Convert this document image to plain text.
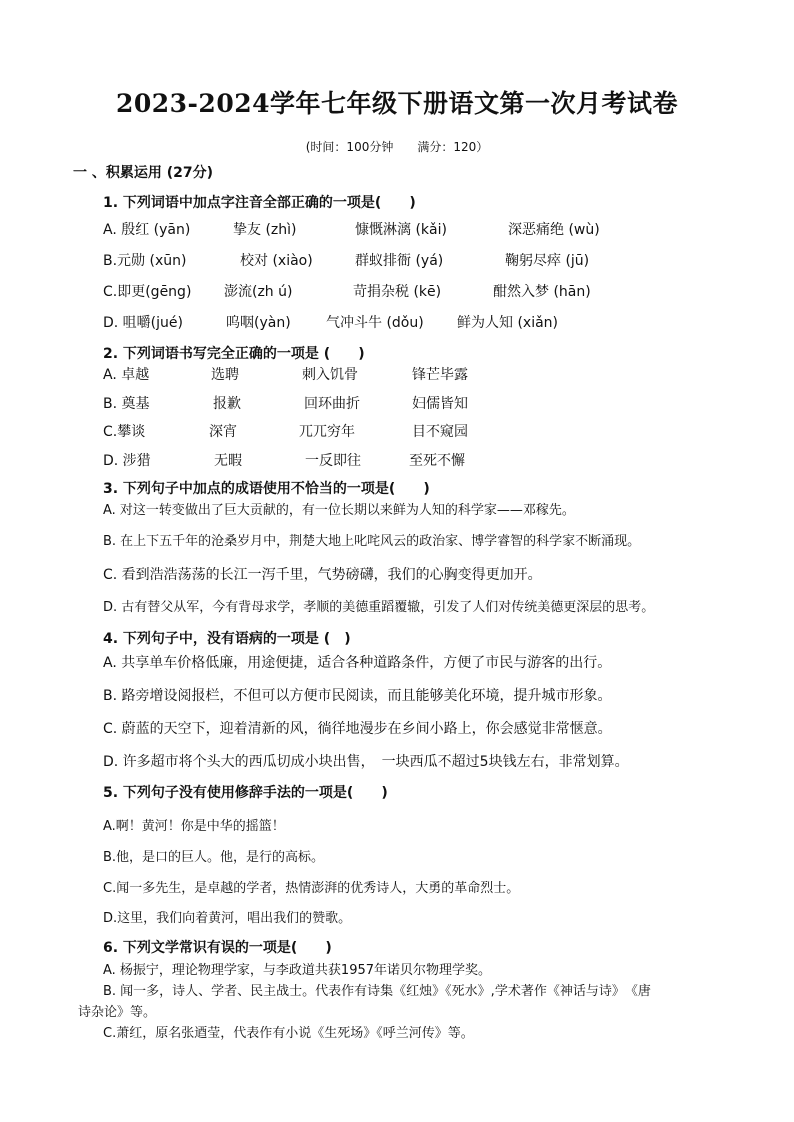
2023-2024学年七年级下册语文第一次月考试卷
(时间：100分钟　　满分：120）
一 、积累运用 (27分)
1. 下列词语中加点字注音全部正确的一项是(　　)
A. 殷红 (yān)	挚友 (zhì)	慷慨淋漓 (kǎi)	深恶痛绝 (wù)
B.元勋 (xūn)	校对 (xiào)	群蚁排衙 (yá)	鞠躬尽瘁 (jū)
C.即更(gēng) 澎流(zh ú)	苛捐杂税 (kē)	酣然入梦 (hān)
D. 咀嚼(jué)	呜咽(yàn)	气冲斗牛 (dǒu) 鲜为人知 (xiǎn)
2. 下列词语书写完全正确的一项是 (　　)
A. 卓越	选聘	刺入饥骨	锋芒毕露
B. 奠基	报歉	回环曲折	妇儒皆知
C.攀谈	深宵	兀兀穷年	目不窥园
D. 涉猎	无暇	一反即往	至死不懈
3. 下列句子中加点的成语使用不恰当的一项是(　　)
A. 对这一转变做出了巨大贡献的，有一位长期以来鲜为人知的科学家——邓稼先。
B. 在上下五千年的沧桑岁月中，荆楚大地上叱咤风云的政治家、博学睿智的科学家不断涌现。
C. 看到浩浩荡荡的长江一泻千里，气势磅礴，我们的心胸变得更加开。
D. 古有替父从军，今有背母求学，孝顺的美德重蹈覆辙，引发了人们对传统美德更深层的思考。
4. 下列句子中，没有语病的一项是 (　)
A. 共享单车价格低廉，用途便捷，适合各种道路条件，方便了市民与游客的出行。
B. 路旁增设阅报栏，不但可以方便市民阅读，而且能够美化环境，提升城市形象。
C. 蔚蓝的天空下，迎着清新的风，徜徉地漫步在乡间小路上，你会感觉非常惬意。
D. 许多超市将个头大的西瓜切成小块出售，　一块西瓜不超过5块钱左右，非常划算。
5. 下列句子没有使用修辞手法的一项是(　　)
A.啊！黄河！你是中华的摇篮！
B.他，是口的巨人。他，是行的高标。
C.闻一多先生，是卓越的学者，热情澎湃的优秀诗人，大勇的革命烈士。
D.这里，我们向着黄河，唱出我们的赞歌。
6. 下列文学常识有误的一项是(　　)
A. 杨振宁，理论物理学家，与李政道共获1957年诺贝尔物理学奖。
B. 闻一多，诗人、学者、民主战士。代表作有诗集《红烛》《死水》,学术著作《神话与诗》　《唐
诗杂论》等。
C.萧红，原名张逎莹，代表作有小说《生死场》《呼兰河传》等。
